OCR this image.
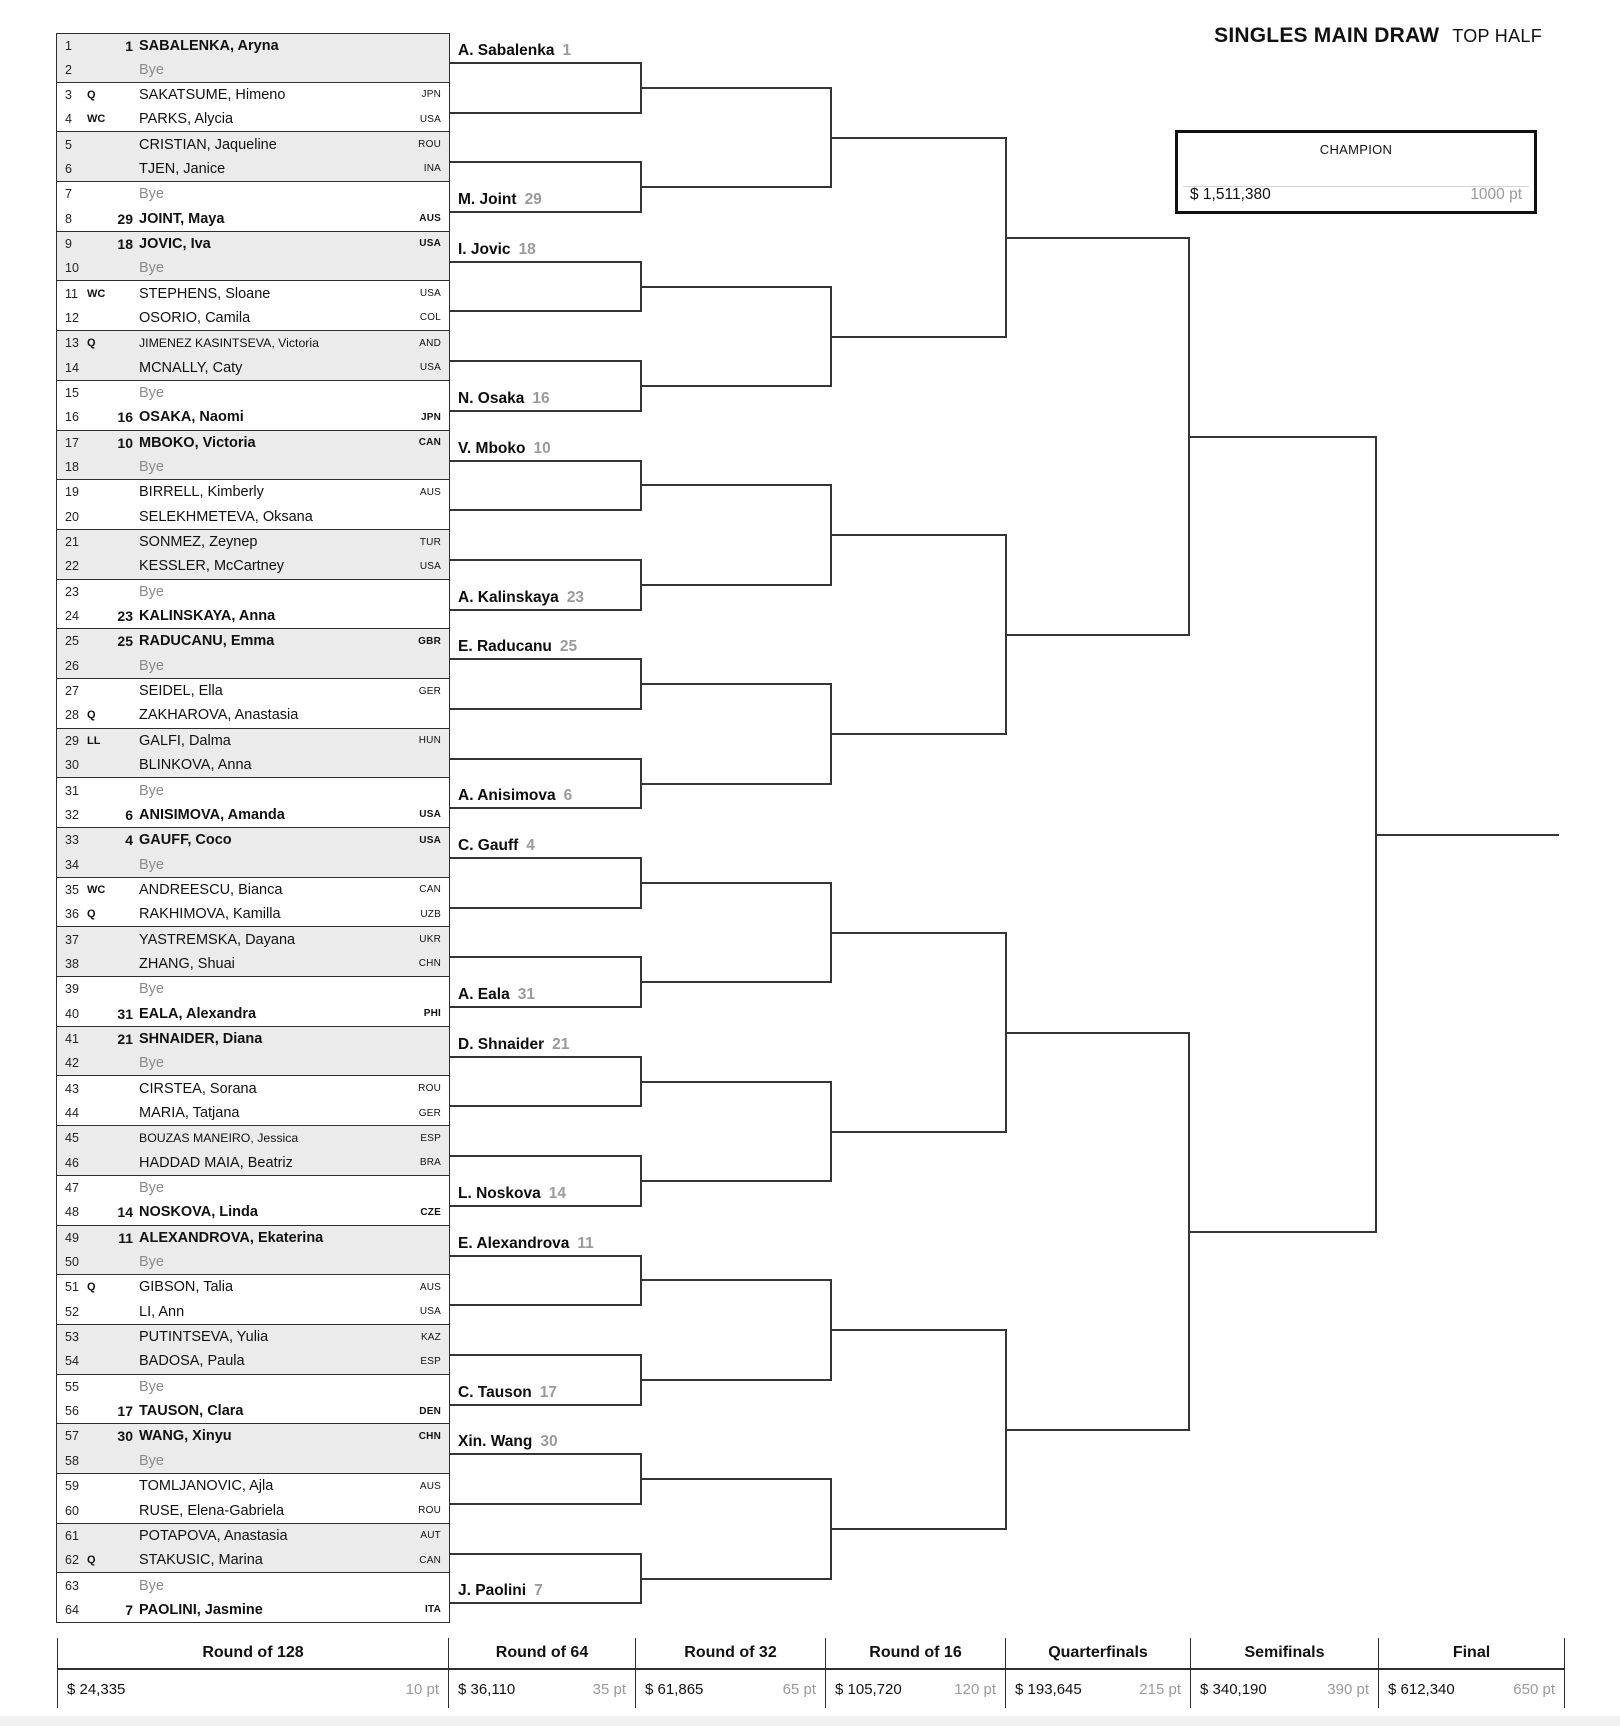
SINGLES MAIN DRAW TOP HALF
CHAMPION
$ 1,511,380	1000 pt
1	1 SABALENKA, Aryna
2	Bye
3	Q	SAKATSUME, Himeno	JPN
4	WC	PARKS, Alycia	USA
5	CRISTIAN, Jaqueline	ROU
6	TJEN, Janice	INA
7	Bye
8	29 JOINT, Maya	AUS
9	18 JOVIC, Iva	USA
10	Bye
11 WC	STEPHENS, Sloane	USA
12	OSORIO, Camila	COL
13 Q	JIMENEZ KASINTSEVA, Victoria	AND
14	MCNALLY, Caty	USA
15	Bye
16	16 OSAKA, Naomi	JPN
17	10 MBOKO, Victoria	CAN
18	Bye
19	BIRRELL, Kimberly	AUS
20	SELEKHMETEVA, Oksana
21	SONMEZ, Zeynep	TUR
22	KESSLER, McCartney	USA
23	Bye
24	23 KALINSKAYA, Anna
25	25 RADUCANU, Emma	GBR
26	Bye
27	SEIDEL, Ella	GER
28 Q	ZAKHAROVA, Anastasia
29 LL	GALFI, Dalma	HUN
30	BLINKOVA, Anna
31	Bye
32	6 ANISIMOVA, Amanda	USA
33	4 GAUFF, Coco	USA
34	Bye
35 WC	ANDREESCU, Bianca	CAN
36 Q	RAKHIMOVA, Kamilla	UZB
37	YASTREMSKA, Dayana	UKR
38	ZHANG, Shuai	CHN
39	Bye
40	31 EALA, Alexandra	PHI
41	21 SHNAIDER, Diana
42	Bye
43	CIRSTEA, Sorana	ROU
44	MARIA, Tatjana	GER
45	BOUZAS MANEIRO, Jessica	ESP
46	HADDAD MAIA, Beatriz	BRA
47	Bye
48	14 NOSKOVA, Linda	CZE
49	11 ALEXANDROVA, Ekaterina
50	Bye
51 Q	GIBSON, Talia	AUS
52	LI, Ann	USA
53	PUTINTSEVA, Yulia	KAZ
54	BADOSA, Paula	ESP
55	Bye
56	17 TAUSON, Clara	DEN
57	30 WANG, Xinyu	CHN
58	Bye
59	TOMLJANOVIC, Ajla	AUS
60	RUSE, Elena-Gabriela	ROU
61	POTAPOVA, Anastasia	AUT
62 Q	STAKUSIC, Marina	CAN
63	Bye
64	7 PAOLINI, Jasmine	ITA
A. Sabalenka 1
M. Joint 29
I. Jovic 18
N. Osaka 16
V. Mboko 10
A. Kalinskaya 23
E. Raducanu 25
A. Anisimova 6
C. Gauff 4
A. Eala 31
D. Shnaider 21
L. Noskova 14
E. Alexandrova 11
C. Tauson 17
Xin. Wang 30
J. Paolini 7
Round of 128
$ 24,335	10 pt
Round of 64
$ 36,110	35 pt
Round of 32
$ 61,865	65 pt
Round of 16
$ 105,720	120 pt
Quarterfinals
$ 193,645	215 pt
Semifinals
$ 340,190	390 pt
Final
$ 612,340	650 pt
